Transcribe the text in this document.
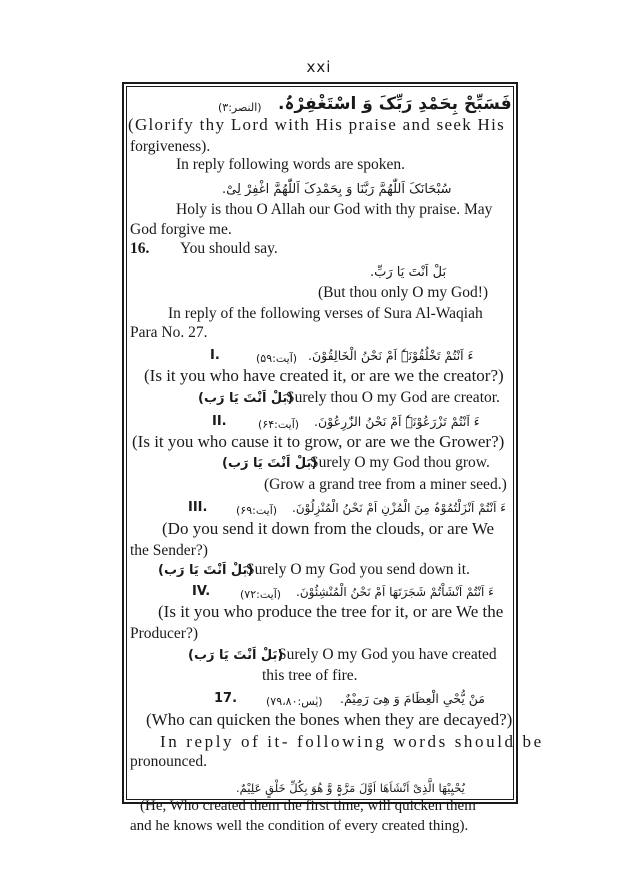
xxi
فَسَبِّحْ بِحَمْدِ رَبِّکَ وَ اسْتَغْفِرْہُ.
(النصر:۳)
(Glorify thy Lord with His praise and seek His
forgiveness).
In reply following words are spoken.
سُبْحَانَکَ اَللّٰھُمَّ رَبَّنَا وَ بِحَمْدِکَ اَللّٰھُمَّ اغْفِرْ لِیْ.
Holy is thou O Allah our God with thy praise. May
God forgive me.
16. You should say.
بَلْ اَنْتَ یَا رَبِّ.
(But thou only O my God!)
In reply of the following verses of Sura Al-Waqiah
Para No. 27.
I.	(آیت:۵۹) ءَ اَنْتُمْ تَخْلُقُوْنَہٗ اَمْ نَحْنُ الْخَالِقُوْنَ.
(Is it you who have created it, or are we the creator?)
(بَلْ اَنْتَ یَا رَب)
Surely thou O my God are creator.
II.	(آیت:۶۴) ءَ اَنْتُمْ تَزْرَعُوْنَہٗ اَمْ نَحْنُ الزّٰرِعُوْنَ.
(Is it you who cause it to grow, or are we the Grower?)
(بَلْ اَنْتَ یَا رَب)
Surely O my God thou grow.
(Grow a grand tree from a miner seed.)
III.	(آیت:۶۹) ءَ اَنْتُمْ اَنْزَلْتُمُوْہُ مِنَ الْمُزْنِ اَمْ نَحْنُ الْمُنْزِلُوْنَ.
(Do you send it down from the clouds, or are We
the Sender?)
(بَلْ اَنْتَ یَا رَب)
Surely O my God you send down it.
IV.	(آیت:۷۲) ءَ اَنْتُمْ اَنْشَاْتُمْ شَجَرَتَھَا اَمْ نَحْنُ الْمُنْشِئُوْنَ.
(Is it you who produce the tree for it, or are We the
Producer?)
(بَلْ اَنْتَ یَا رَب)
Surely O my God you have created
this tree of fire.
17.	(یٰس:۷۹،۸۰) مَنْ یُّحْیِ الْعِظَامَ وَ ھِیَ رَمِیْمٌ.
(Who can quicken the bones when they are decayed?)
In reply of it- following words should be
pronounced.
یُحْیِیْھَا الَّذِیْ اَنْشَاَھَا اَوَّلَ مَرَّۃٍ وَّ ھُوَ بِکُلِّ خَلْقٍ عَلِیْمٌ.
(He, Who created them the first time, will quicken them
and he knows well the condition of every created thing).
